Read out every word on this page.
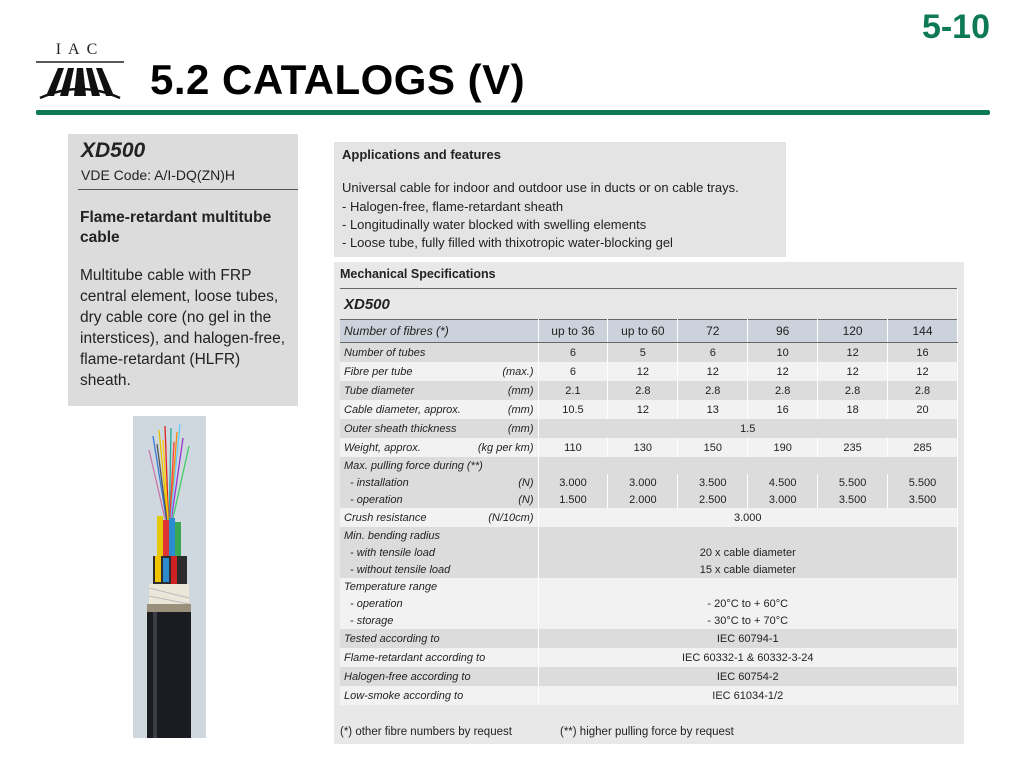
IAC
5-10
5.2 CATALOGS (V)
XD500
VDE Code: A/I-DQ(ZN)H
Flame-retardant multitube cable
Multitube cable with FRP central element, loose tubes, dry cable core (no gel in the interstices), and halogen-free, flame-retardant (HLFR) sheath.
Applications and features
Universal cable for indoor and outdoor use in ducts or on cable trays.
- Halogen-free, flame-retardant sheath
- Longitudinally water blocked with swelling elements
- Loose tube, fully filled with thixotropic water-blocking gel
Mechanical Specifications
XD500						
Number of fibres (*)	up to 36	up to 60	72	96	120	144

Number of tubes	6	5	6	10	12	16

Fibre per tube (max.)	6	12	12	12	12	12

Tube diameter (mm)	2.1	2.8	2.8	2.8	2.8	2.8

Cable diameter, approx. (mm)	10.5	12	13	16	18	20

Outer sheath thickness (mm)	1.5					

Weight, approx. (kg per km)	110	130	150	190	235	285
Max. pulling force during (**)						

- installation (N)	3.000	3.000	3.500	4.500	5.500	5.500

- operation (N)	1.500	2.000	2.500	3.000	3.500	3.500

Crush resistance (N/10cm)	3.000					
Min. bending radius						
- with tensile load	20 x cable diameter					
- without tensile load	15 x cable diameter					
Temperature range						
- operation	- 20°C to + 60°C					
- storage	- 30°C to + 70°C					
Tested according to	IEC 60794-1					
Flame-retardant according to	IEC 60332-1 & 60332-3-24					
Halogen-free according to	IEC 60754-2					
Low-smoke according to	IEC 61034-1/2					
(*) other fibre numbers by request	(**) higher pulling force by request
